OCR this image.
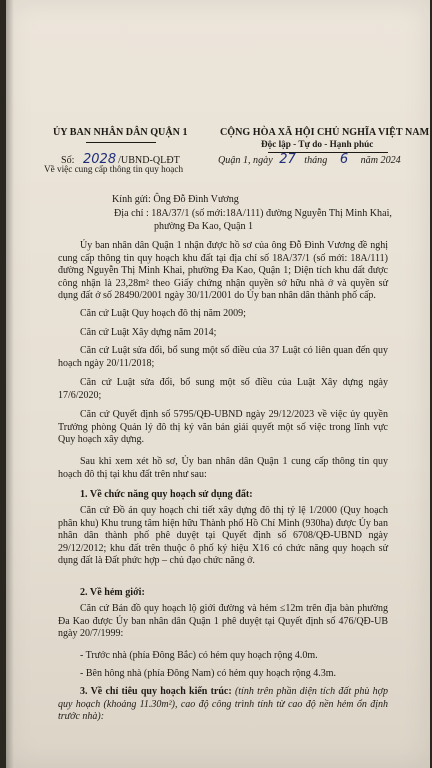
ỦY BAN NHÂN DÂN QUẬN 1	CỘNG HÒA XÃ HỘI CHỦ NGHĨA VIỆT NAM
Độc lập - Tự do - Hạnh phúc
Số: 2028 /UBND-QLĐT
Về việc cung cấp thông tin quy hoạch
Quận 1, ngày 27 tháng 6 năm 2024
Kính gửi: Ông Đỗ Đình Vương
Địa chỉ : 18A/37/1 (số mới:18A/111) đường Nguyễn Thị Minh Khai,
phường Đa Kao, Quận 1
Ủy ban nhân dân Quận 1 nhận được hồ sơ của ông Đỗ Đình Vương đề nghị cung cấp thông tin quy hoạch khu đất tại địa chỉ số 18A/37/1 (số mới: 18A/111) đường Nguyễn Thị Minh Khai, phường Đa Kao, Quận 1; Diện tích khu đất được công nhận là 23,28m² theo Giấy chứng nhận quyền sở hữu nhà ở và quyền sử dụng đất ở số 28490/2001 ngày 30/11/2001 do Ủy ban nhân dân thành phố cấp.
Căn cứ Luật Quy hoạch đô thị năm 2009;
Căn cứ Luật Xây dựng năm 2014;
Căn cứ Luật sửa đổi, bổ sung một số điều của 37 Luật có liên quan đến quy hoạch ngày 20/11/2018;
Căn cứ Luật sửa đổi, bổ sung một số điều của Luật Xây dựng ngày 17/6/2020;
Căn cứ Quyết định số 5795/QĐ-UBND ngày 29/12/2023 về việc ủy quyền Trưởng phòng Quản lý đô thị ký văn bản giải quyết một số việc trong lĩnh vực Quy hoạch xây dựng.
Sau khi xem xét hồ sơ, Ủy ban nhân dân Quận 1 cung cấp thông tin quy hoạch đô thị tại khu đất trên như sau:
1. Về chức năng quy hoạch sử dụng đất:
Căn cứ Đồ án quy hoạch chi tiết xây dựng đô thị tỷ lệ 1/2000 (Quy hoạch phân khu) Khu trung tâm hiện hữu Thành phố Hồ Chí Minh (930ha) được Ủy ban nhân dân thành phố phê duyệt tại Quyết định số 6708/QĐ-UBND ngày 29/12/2012; khu đất trên thuộc ô phố ký hiệu X16 có chức năng quy hoạch sử dụng đất là Đất phức hợp – chủ đạo chức năng ở.
2. Về hẻm giới:
Căn cứ Bản đồ quy hoạch lộ giới đường và hẻm ≤12m trên địa bàn phường Đa Kao được Ủy ban nhân dân Quận 1 phê duyệt tại Quyết định số 476/QĐ-UB ngày 20/7/1999:
- Trước nhà (phía Đông Bắc) có hẻm quy hoạch rộng 4.0m.
- Bên hông nhà (phía Đông Nam) có hẻm quy hoạch rộng 4.3m.
3. Về chỉ tiêu quy hoạch kiến trúc: (tính trên phần diện tích đất phù hợp quy hoạch (khoảng 11.30m²), cao độ công trình tính từ cao độ nền hẻm ổn định trước nhà):
